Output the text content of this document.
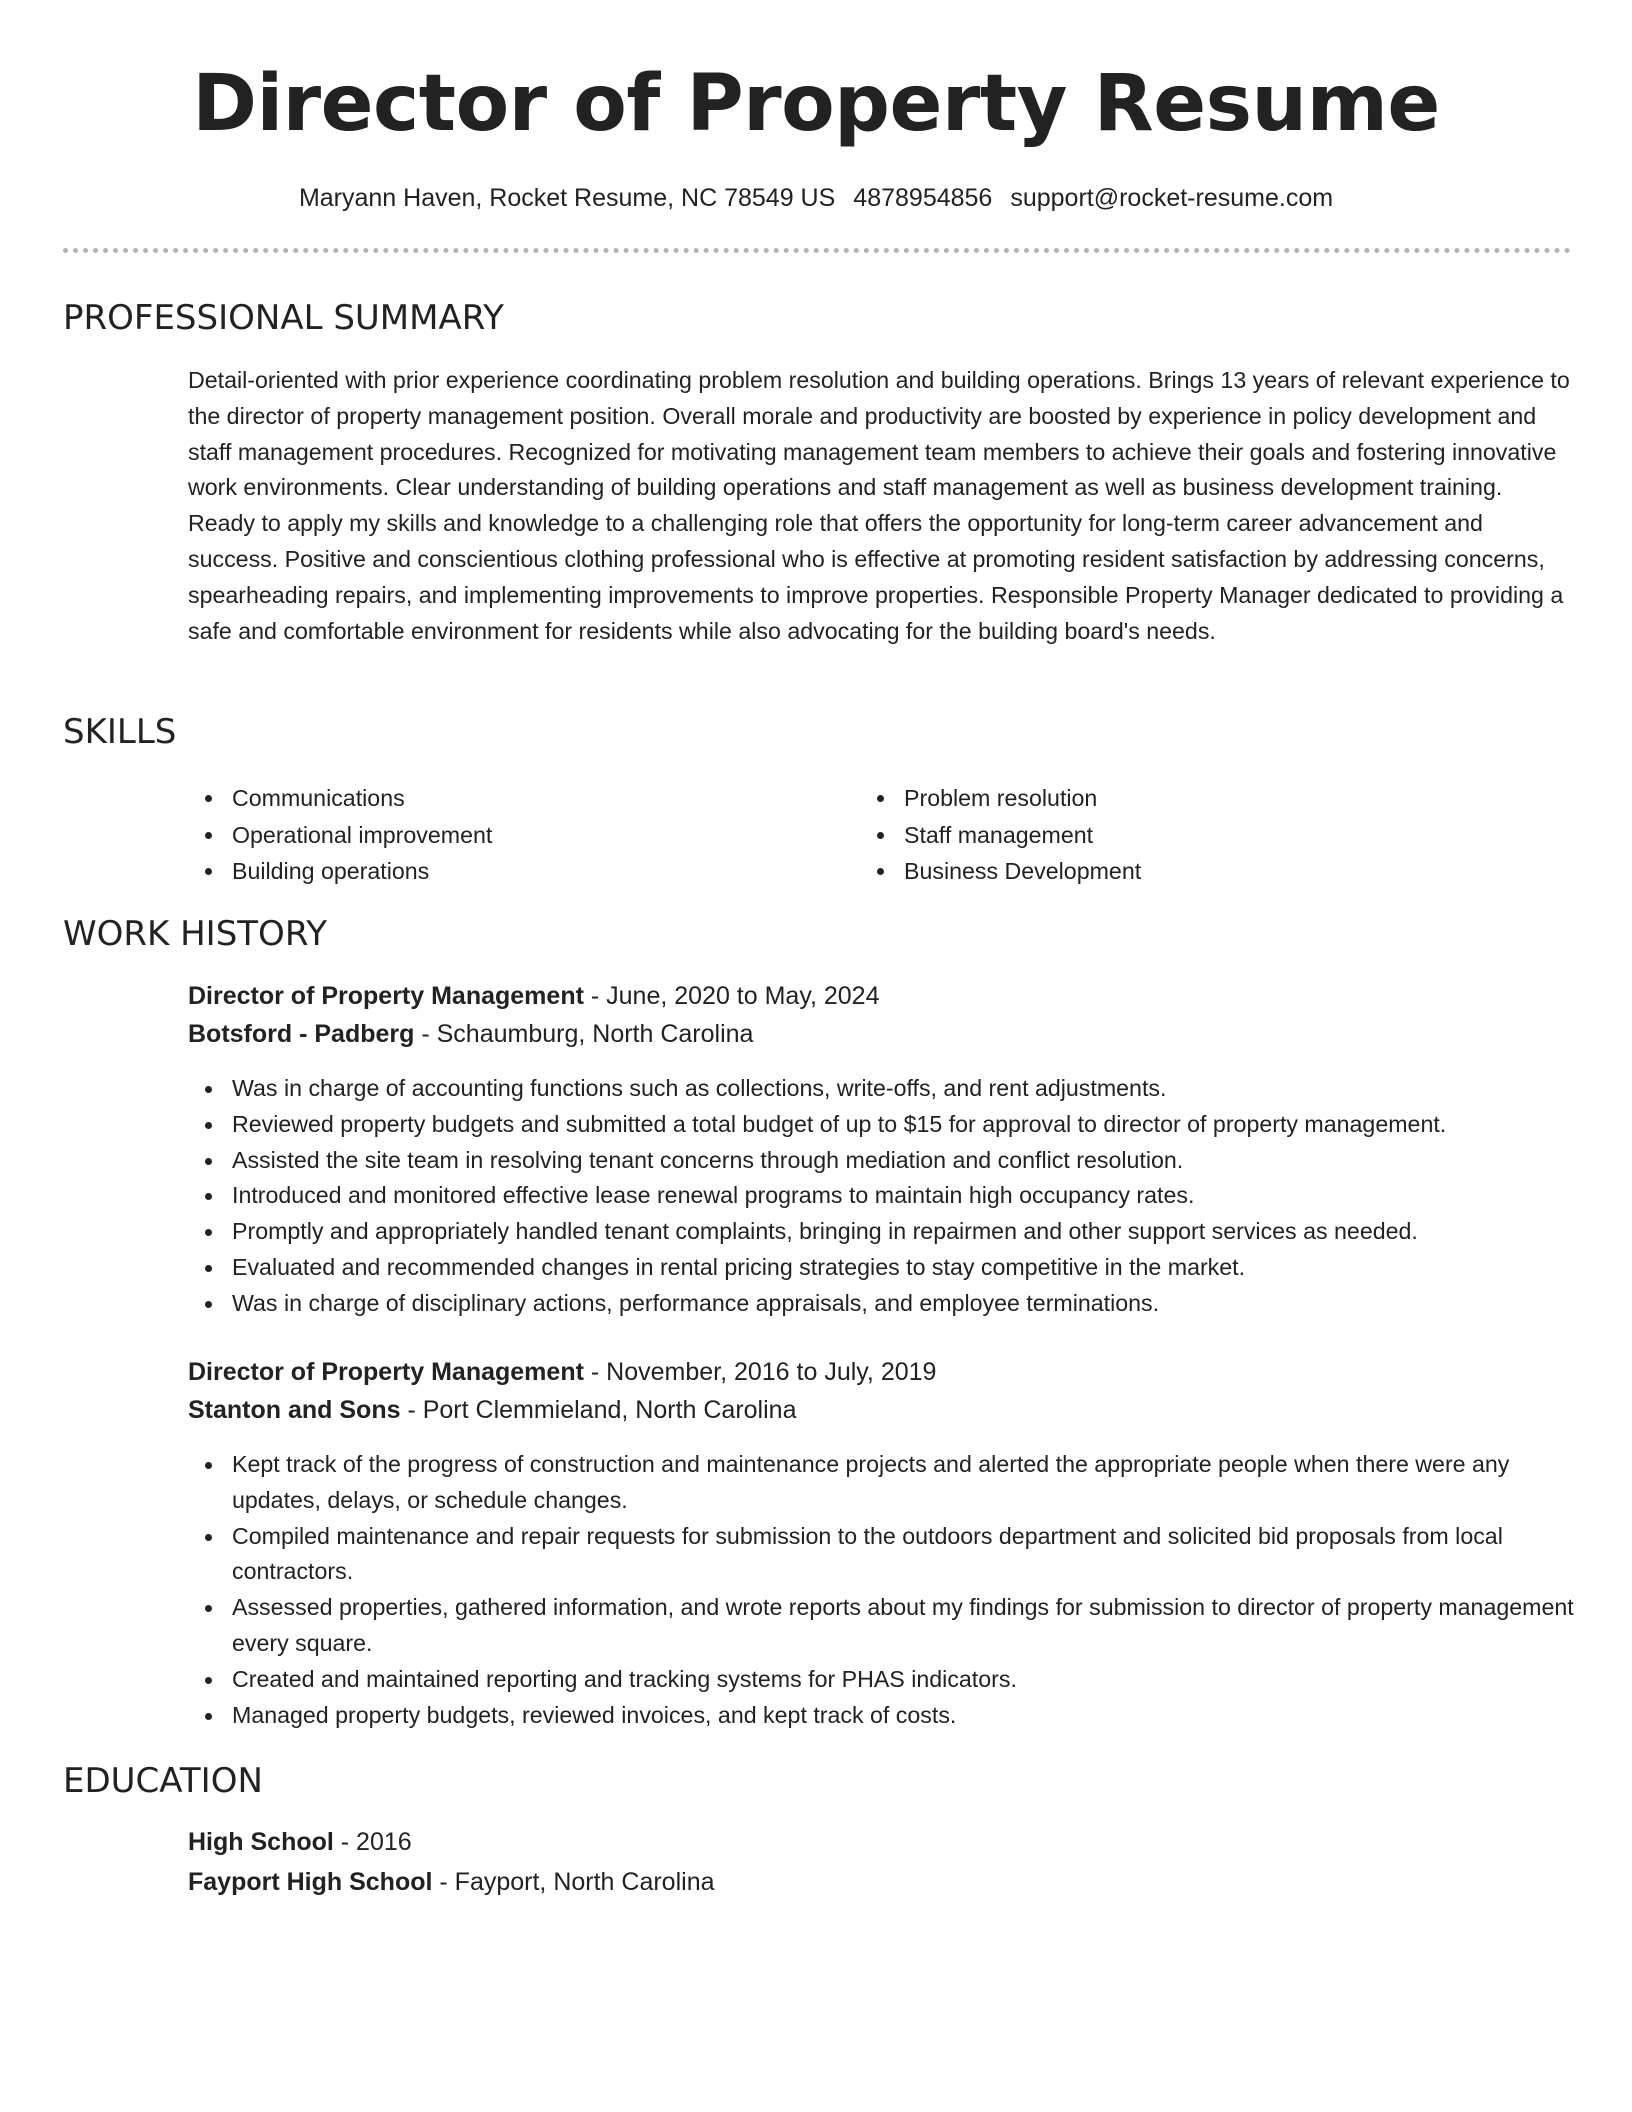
Director of Property Resume
Maryann Haven, Rocket Resume, NC 78549 US 4878954856 support@rocket-resume.com
PROFESSIONAL SUMMARY

Detail-oriented with prior experience coordinating problem resolution and building operations. Brings 13 years of relevant experience to the director of property management position. Overall morale and productivity are boosted by experience in policy development and staff management procedures. Recognized for motivating management team members to achieve their goals and fostering innovative work environments. Clear understanding of building operations and staff management as well as business development training. Ready to apply my skills and knowledge to a challenging role that offers the opportunity for long-term career advancement and success. Positive and conscientious clothing professional who is effective at promoting resident satisfaction by addressing concerns, spearheading repairs, and implementing improvements to improve properties. Responsible Property Manager dedicated to providing a safe and comfortable environment for residents while also advocating for the building board's needs.

SKILLS
Communications
Operational improvement
Building operations
Problem resolution
Staff management
Business Development
WORK HISTORY
Director of Property Management - June, 2020 to May, 2024
Botsford - Padberg - Schaumburg, North Carolina
Was in charge of accounting functions such as collections, write-offs, and rent adjustments.
Reviewed property budgets and submitted a total budget of up to $15 for approval to director of property management.
Assisted the site team in resolving tenant concerns through mediation and conflict resolution.
Introduced and monitored effective lease renewal programs to maintain high occupancy rates.
Promptly and appropriately handled tenant complaints, bringing in repairmen and other support services as needed.
Evaluated and recommended changes in rental pricing strategies to stay competitive in the market.
Was in charge of disciplinary actions, performance appraisals, and employee terminations.
Director of Property Management - November, 2016 to July, 2019
Stanton and Sons - Port Clemmieland, North Carolina
Kept track of the progress of construction and maintenance projects and alerted the appropriate people when there were any updates, delays, or schedule changes.
Compiled maintenance and repair requests for submission to the outdoors department and solicited bid proposals from local contractors.
Assessed properties, gathered information, and wrote reports about my findings for submission to director of property management every square.
Created and maintained reporting and tracking systems for PHAS indicators.
Managed property budgets, reviewed invoices, and kept track of costs.
EDUCATION
High School - 2016
Fayport High School - Fayport, North Carolina
